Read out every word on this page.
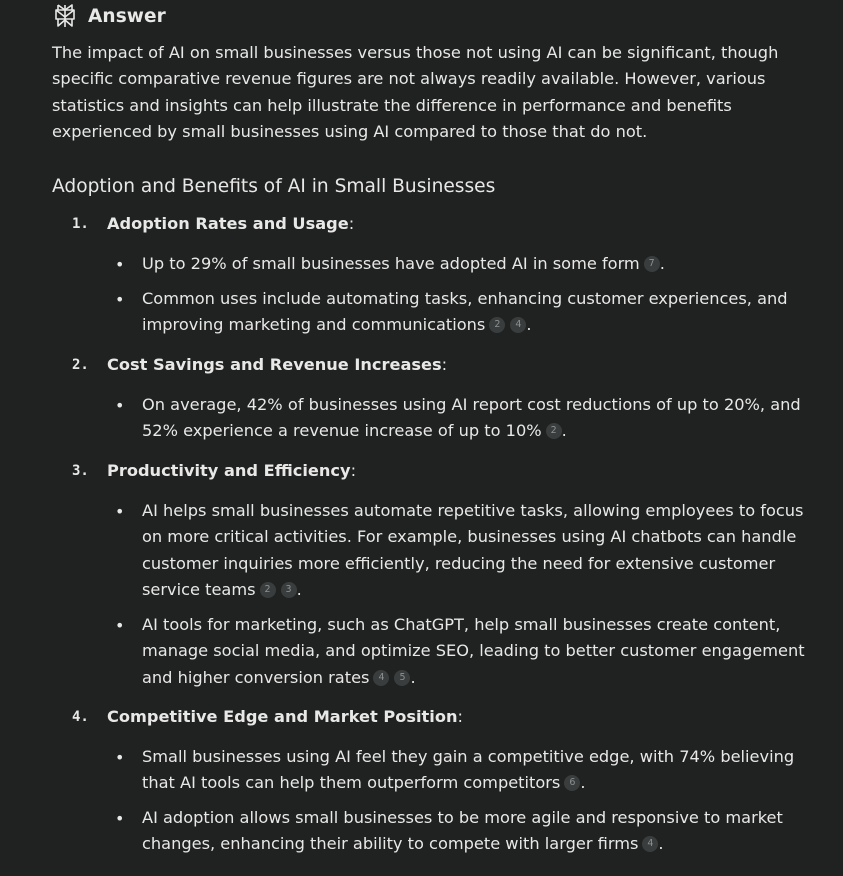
Answer

The impact of AI on small businesses versus those not using AI can be significant, though specific comparative revenue figures are not always readily available. However, various statistics and insights can help illustrate the difference in performance and benefits experienced by small businesses using AI compared to those that do not.

Adoption and Benefits of AI in Small Businesses
1. Adoption Rates and Usage:
• Up to 29% of small businesses have adopted AI in some form 7 .
• Common uses include automating tasks, enhancing customer experiences, and improving marketing and communications 2 4 .
2. Cost Savings and Revenue Increases:
• On average, 42% of businesses using AI report cost reductions of up to 20%, and 52% experience a revenue increase of up to 10% 2 .
3. Productivity and Efficiency:
• AI helps small businesses automate repetitive tasks, allowing employees to focus on more critical activities. For example, businesses using AI chatbots can handle customer inquiries more efficiently, reducing the need for extensive customer service teams 2 3 .
• AI tools for marketing, such as ChatGPT, help small businesses create content, manage social media, and optimize SEO, leading to better customer engagement and higher conversion rates 4 5 .
4. Competitive Edge and Market Position:
• Small businesses using AI feel they gain a competitive edge, with 74% believing that AI tools can help them outperform competitors 6 .
• AI adoption allows small businesses to be more agile and responsive to market changes, enhancing their ability to compete with larger firms 4 .
